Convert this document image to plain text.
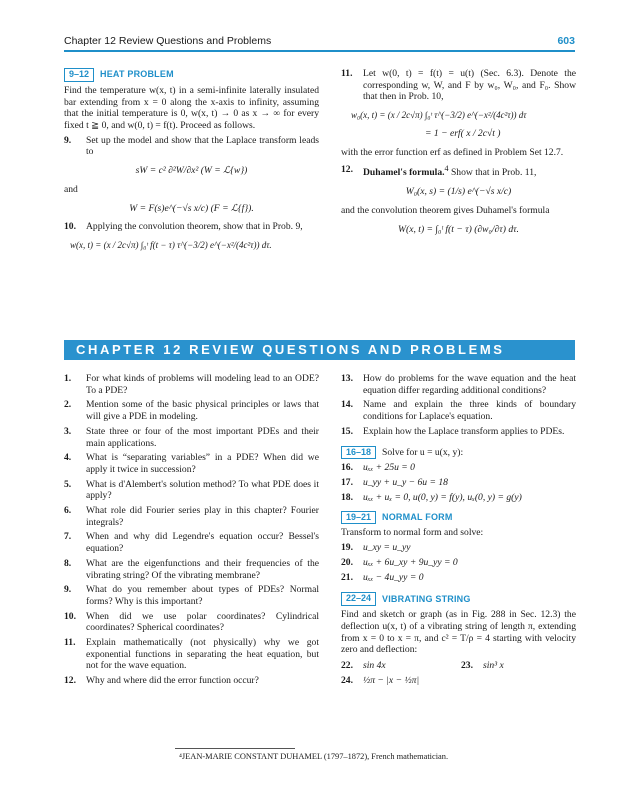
Chapter 12 Review Questions and Problems	603
9–12	HEAT PROBLEM
Find the temperature w(x, t) in a semi-infinite laterally insulated bar extending from x = 0 along the x-axis to infinity, assuming that the initial temperature is 0, w(x, t) → 0 as x → ∞ for every fixed t ≧ 0, and w(0, t) = f(t). Proceed as follows.
9.	Set up the model and show that the Laplace transform leads to
sW = c² ∂²W/∂x² (W = ℒ{w})
and
W = F(s)e^(−√s x/c) (F = ℒ{f}).
10.	Applying the convolution theorem, show that in Prob. 9,
w(x, t) = (x / 2c√π) ∫₀ᵗ f(t − τ) τ^(−3/2) e^(−x²/(4c²τ)) dτ.
11.	Let w(0, t) = f(t) = u(t) (Sec. 6.3). Denote the corresponding w, W, and F by w₀, W₀, and F₀. Show that then in Prob. 10,
w₀(x, t) = (x / 2c√π) ∫₀ᵗ τ^(−3/2) e^(−x²/(4c²τ)) dτ
= 1 − erf( x / 2c√t )
with the error function erf as defined in Problem Set 12.7.
12.	Duhamel's formula.$^4$ Show that in Prob. 11,
W₀(x, s) = (1/s) e^(−√s x/c)
and the convolution theorem gives Duhamel's formula
W(x, t) = ∫₀ᵗ f(t − τ) (∂w₀/∂τ) dτ.
CHAPTER 12 REVIEW QUESTIONS AND PROBLEMS
1.	For what kinds of problems will modeling lead to an ODE? To a PDE?
2.	Mention some of the basic physical principles or laws that will give a PDE in modeling.
3.	State three or four of the most important PDEs and their main applications.
4.	What is “separating variables” in a PDE? When did we apply it twice in succession?
5.	What is d'Alembert's solution method? To what PDE does it apply?
6.	What role did Fourier series play in this chapter? Fourier integrals?
7.	When and why did Legendre's equation occur? Bessel's equation?
8.	What are the eigenfunctions and their frequencies of the vibrating string? Of the vibrating membrane?
9.	What do you remember about types of PDEs? Normal forms? Why is this important?
10.	When did we use polar coordinates? Cylindrical coordinates? Spherical coordinates?
11.	Explain mathematically (not physically) why we got exponential functions in separating the heat equation, but not for the wave equation.
12.	Why and where did the error function occur?
13.	How do problems for the wave equation and the heat equation differ regarding additional conditions?
14.	Name and explain the three kinds of boundary conditions for Laplace's equation.
15.	Explain how the Laplace transform applies to PDEs.
16–18	Solve for u = u(x, y):
16.	uₓₓ + 25u = 0
17.	u_yy + u_y − 6u = 18
18.	uₓₓ + uₓ = 0, u(0, y) = f(y), uₓ(0, y) = g(y)
19–21	NORMAL FORM
Transform to normal form and solve:
19.	u_xy = u_yy
20.	uₓₓ + 6u_xy + 9u_yy = 0
21.	uₓₓ − 4u_yy = 0
22–24	VIBRATING STRING
Find and sketch or graph (as in Fig. 288 in Sec. 12.3) the deflection u(x, t) of a vibrating string of length π, extending from x = 0 to x = π, and c² = T/ρ = 4 starting with velocity zero and deflection:
22.	sin 4x	23.	sin³ x
24.	½π − |x − ½π|
⁴JEAN-MARIE CONSTANT DUHAMEL (1797–1872), French mathematician.
